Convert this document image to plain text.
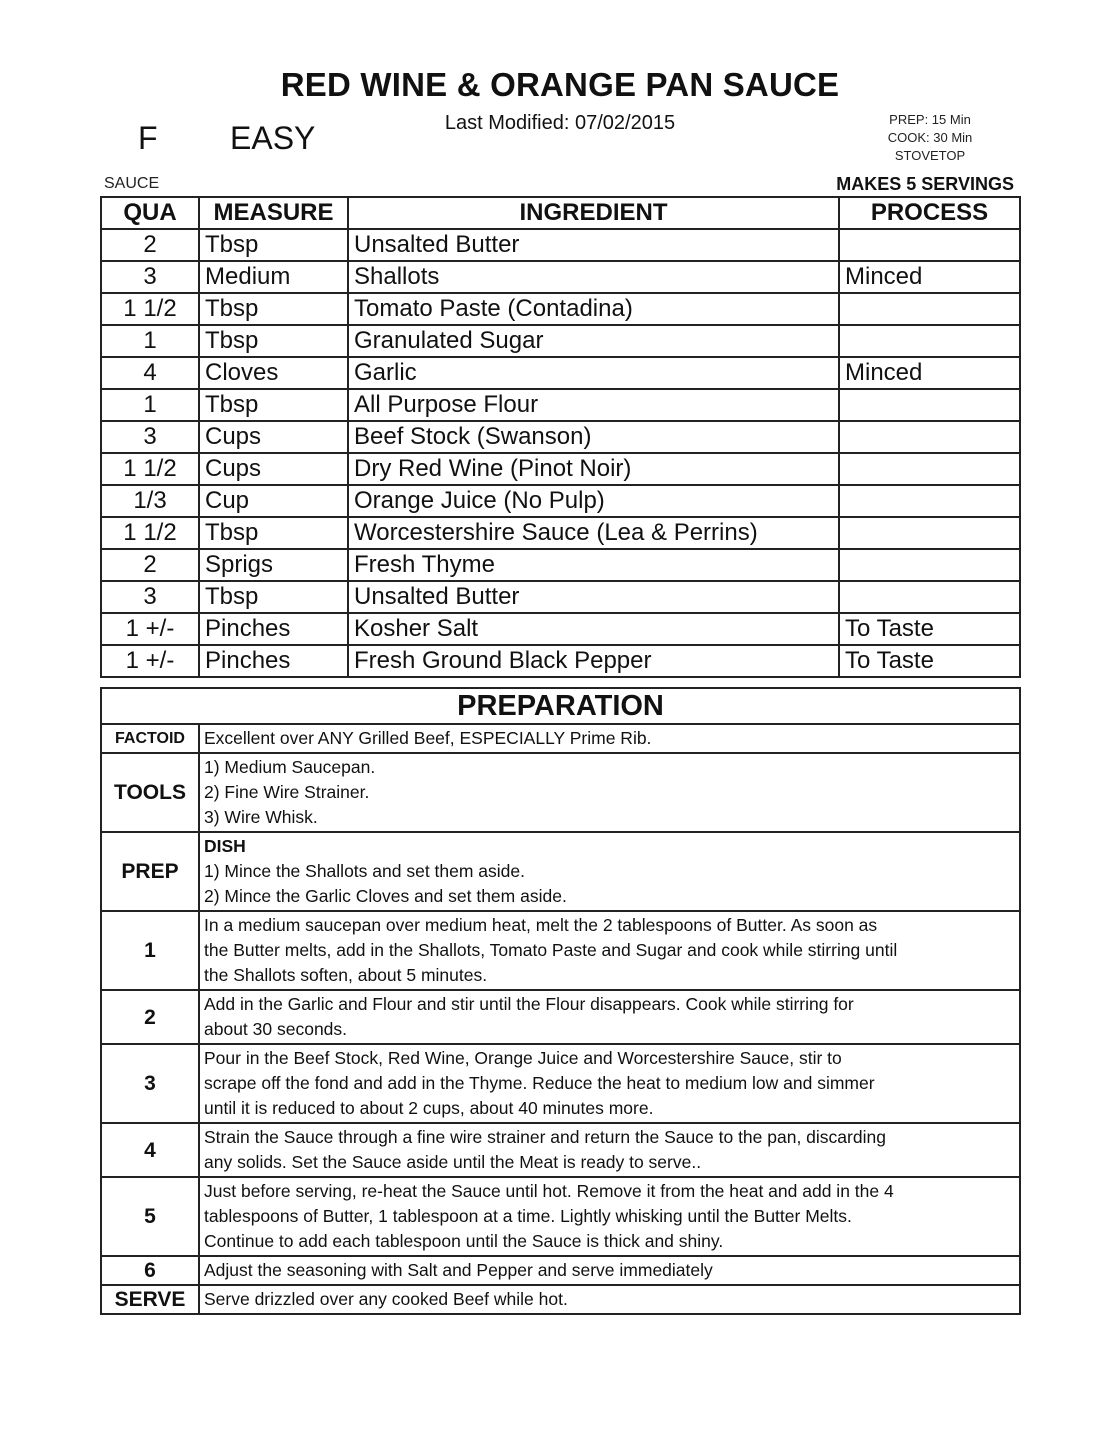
RED WINE & ORANGE PAN SAUCE
F EASY	Last Modified: 07/02/2015	PREP: 15 Min
COOK: 30 Min
STOVETOP
SAUCE	MAKES 5 SERVINGS
QUA	MEASURE	INGREDIENT	PROCESS
2	Tbsp	Unsalted Butter	
3	Medium	Shallots	Minced
1 1/2	Tbsp	Tomato Paste (Contadina)	
1	Tbsp	Granulated Sugar	
4	Cloves	Garlic	Minced
1	Tbsp	All Purpose Flour	
3	Cups	Beef Stock (Swanson)	
1 1/2	Cups	Dry Red Wine (Pinot Noir)	
1/3	Cup	Orange Juice (No Pulp)	
1 1/2	Tbsp	Worcestershire Sauce (Lea & Perrins)	
2	Sprigs	Fresh Thyme	
3	Tbsp	Unsalted Butter	
1 +/-	Pinches	Kosher Salt	To Taste
1 +/-	Pinches	Fresh Ground Black Pepper	To Taste
PREPARATION	
FACTOID	Excellent over ANY Grilled Beef, ESPECIALLY Prime Rib.
TOOLS	1) Medium Saucepan.
2) Fine Wire Strainer.
3) Wire Whisk.

PREP	DISH
1) Mince the Shallots and set them aside.
2) Mince the Garlic Cloves and set them aside.

1	In a medium saucepan over medium heat, melt the 2 tablespoons of Butter. As soon as
the Butter melts, add in the Shallots, Tomato Paste and Sugar and cook while stirring until
the Shallots soften, about 5 minutes.

2	Add in the Garlic and Flour and stir until the Flour disappears. Cook while stirring for
about 30 seconds.

3	Pour in the Beef Stock, Red Wine, Orange Juice and Worcestershire Sauce, stir to
scrape off the fond and add in the Thyme. Reduce the heat to medium low and simmer
until it is reduced to about 2 cups, about 40 minutes more.

4	Strain the Sauce through a fine wire strainer and return the Sauce to the pan, discarding
any solids. Set the Sauce aside until the Meat is ready to serve..

5	Just before serving, re-heat the Sauce until hot. Remove it from the heat and add in the 4
tablespoons of Butter, 1 tablespoon at a time. Lightly whisking until the Butter Melts.
Continue to add each tablespoon until the Sauce is thick and shiny.

6	Adjust the seasoning with Salt and Pepper and serve immediately

SERVE	Serve drizzled over any cooked Beef while hot.
